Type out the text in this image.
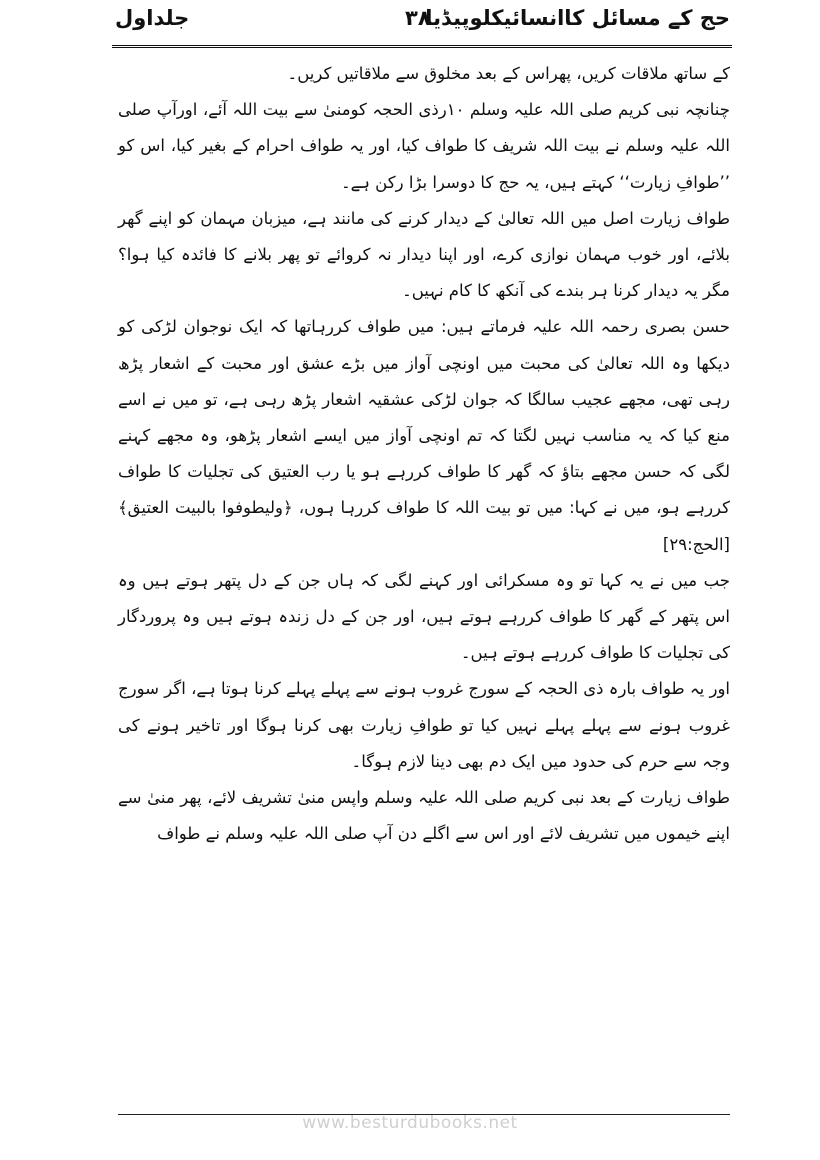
حج کے مسائل کاانسائیکلوپیڈیا
۳۸
جلداول

کے ساتھ ملاقات کریں، پھراس کے بعد مخلوق سے ملاقاتیں کریں۔

چنانچہ نبی کریم صلی اللہ علیہ وسلم ۱۰رذی الحجہ کومنیٰ سے بیت اللہ آئے، اورآپ صلی اللہ علیہ وسلم نے بیت اللہ شریف کا طواف کیا، اور یہ طواف احرام کے بغیر کیا، اس کو ’’طوافِ زیارت‘‘ کہتے ہیں، یہ حج کا دوسرا بڑا رکن ہے۔

طواف زیارت اصل میں اللہ تعالیٰ کے دیدار کرنے کی مانند ہے، میزبان مہمان کو اپنے گھر بلائے، اور خوب مہمان نوازی کرے، اور اپنا دیدار نہ کروائے تو پھر بلانے کا فائدہ کیا ہوا؟ مگر یہ دیدار کرنا ہر بندے کی آنکھ کا کام نہیں۔

حسن بصری رحمہ اللہ علیہ فرماتے ہیں: میں طواف کررہاتھا کہ ایک نوجوان لڑکی کو دیکھا وہ اللہ تعالیٰ کی محبت میں اونچی آواز میں بڑے عشق اور محبت کے اشعار پڑھ رہی تھی، مجھے عجیب سالگا کہ جوان لڑکی عشقیہ اشعار پڑھ رہی ہے، تو میں نے اسے منع کیا کہ یہ مناسب نہیں لگتا کہ تم اونچی آواز میں ایسے اشعار پڑھو، وہ مجھے کہنے لگی کہ حسن مجھے بتاؤ کہ گھر کا طواف کررہے ہو یا رب العتیق کی تجلیات کا طواف کررہے ہو، میں نے کہا: میں تو بیت اللہ کا طواف کررہا ہوں، ﴿ولیطوفوا بالبیت العتیق﴾ [الحج:۲۹]

جب میں نے یہ کہا تو وہ مسکرائی اور کہنے لگی کہ ہاں جن کے دل پتھر ہوتے ہیں وہ اس پتھر کے گھر کا طواف کررہے ہوتے ہیں، اور جن کے دل زندہ ہوتے ہیں وہ پروردگار کی تجلیات کا طواف کررہے ہوتے ہیں۔

اور یہ طواف بارہ ذی الحجہ کے سورج غروب ہونے سے پہلے پہلے کرنا ہوتا ہے، اگر سورج غروب ہونے سے پہلے پہلے نہیں کیا تو طوافِ زیارت بھی کرنا ہوگا اور تاخیر ہونے کی وجہ سے حرم کی حدود میں ایک دم بھی دینا لازم ہوگا۔

طواف زیارت کے بعد نبی کریم صلی اللہ علیہ وسلم واپس منیٰ تشریف لائے، پھر منیٰ سے اپنے خیموں میں تشریف لائے اور اس سے اگلے دن آپ صلی اللہ علیہ وسلم نے طواف

www.besturdubooks.net
